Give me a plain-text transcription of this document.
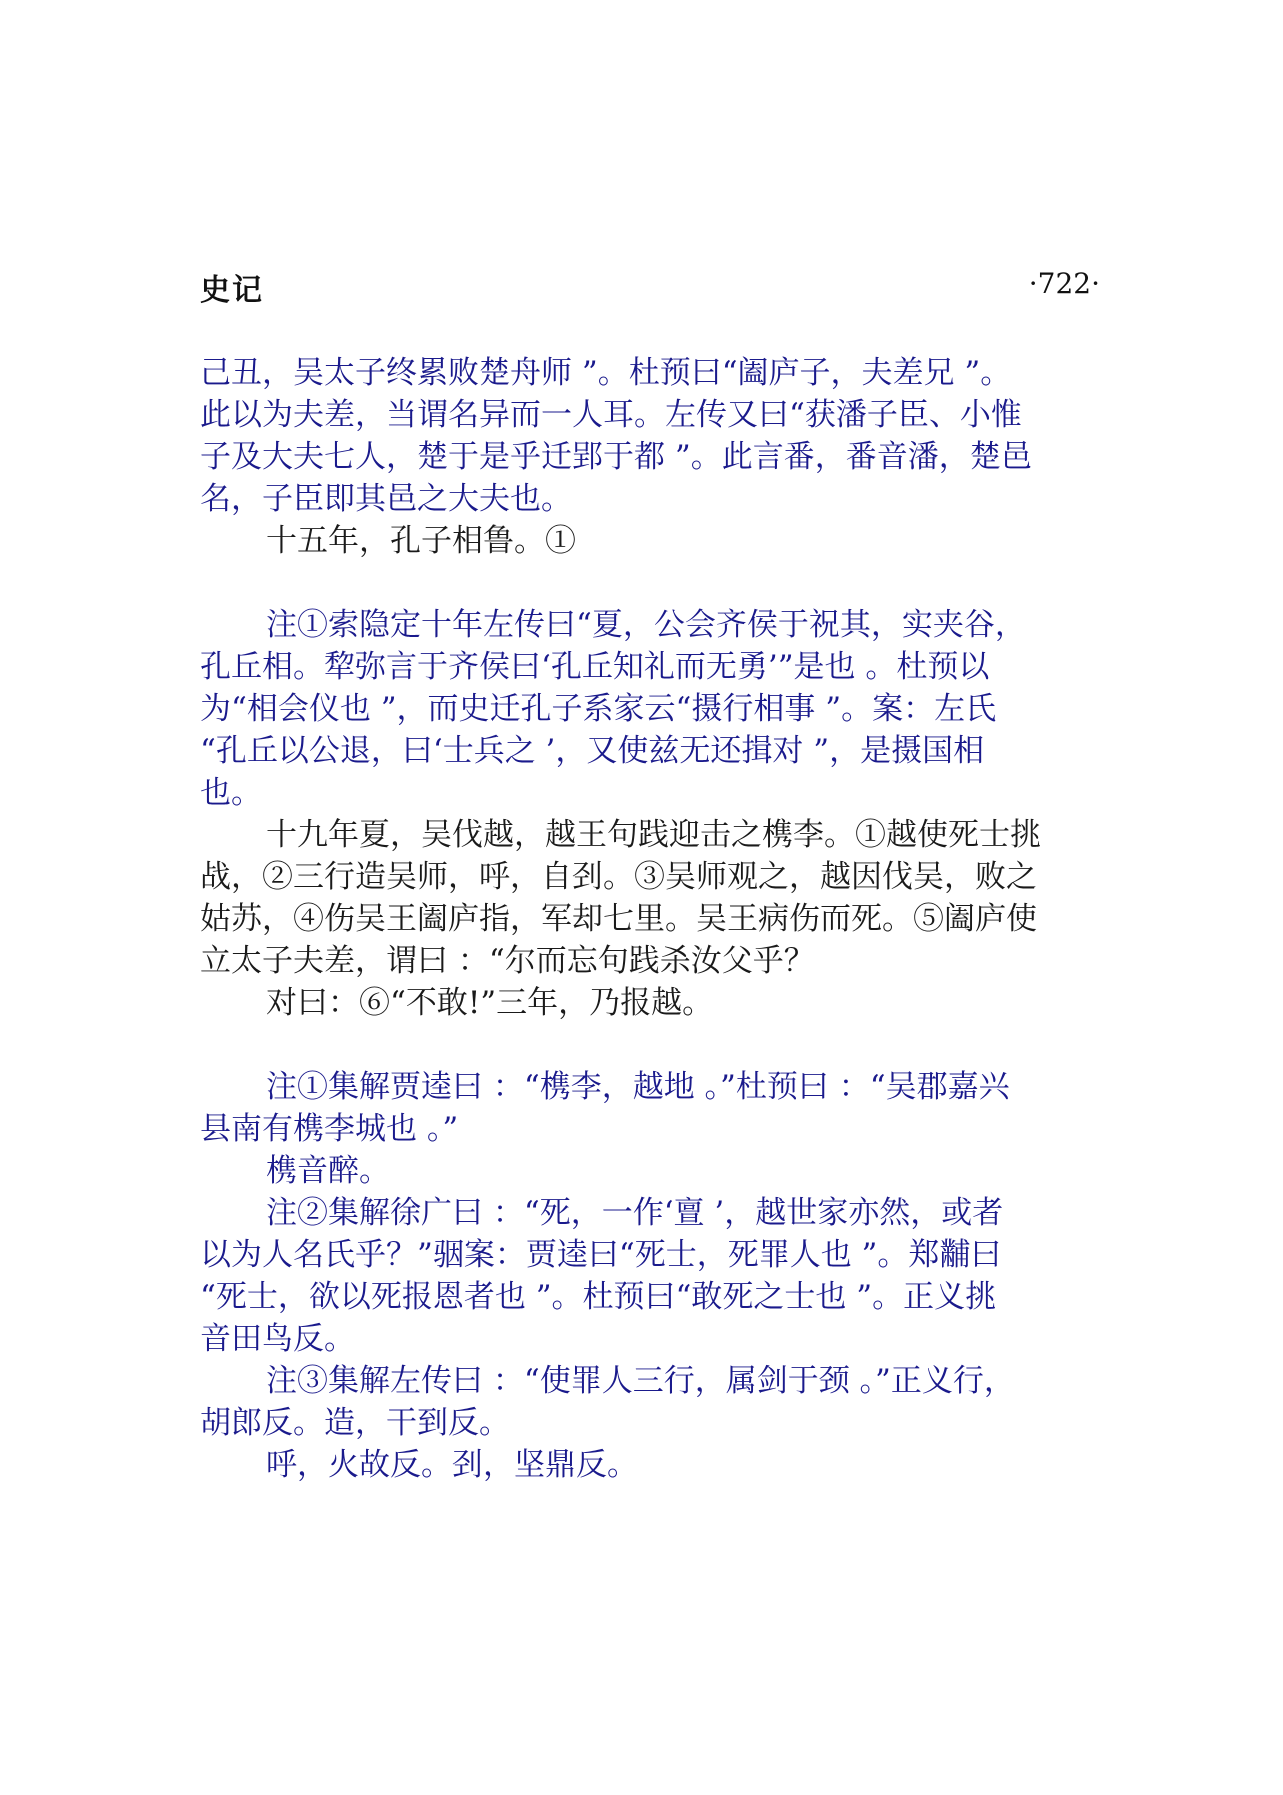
史记	·722·
己丑，吴太子终累败楚舟师 ”。杜预曰“阖庐子，夫差兄 ”。
此以为夫差，当谓名异而一人耳。左传又曰“获潘子臣、小惟
子及大夫七人，楚于是乎迁郢于都 ”。此言番，番音潘，楚邑
名，子臣即其邑之大夫也。
十五年，孔子相鲁。①
注①索隐定十年左传曰“夏，公会齐侯于祝其，实夹谷，
孔丘相。犂弥言于齐侯曰‘孔丘知礼而无勇’”是也 。杜预以
为“相会仪也 ”，而史迁孔子系家云“摄行相事 ”。案：左氏
“孔丘以公退，曰‘士兵之 ’，又使兹无还揖对 ”，是摄国相
也。
十九年夏，吴伐越，越王句践迎击之槜李。①越使死士挑
战，②三行造吴师，呼，自刭。③吴师观之，越因伐吴，败之
姑苏，④伤吴王阖庐指，军却七里。吴王病伤而死。⑤阖庐使
立太子夫差，谓曰 ：“尔而忘句践杀汝父乎？
对曰：⑥“不敢!”三年，乃报越。
注①集解贾逵曰 ：“槜李，越地 。”杜预曰 ：“吴郡嘉兴
县南有槜李城也 。”
槜音醉。
注②集解徐广曰 ：“死，一作‘亶 ’，越世家亦然，或者
以为人名氏乎？”骃案：贾逵曰“死士，死罪人也 ”。郑黼曰
“死士，欲以死报恩者也 ”。杜预曰“敢死之士也 ”。正义挑
音田鸟反。
注③集解左传曰 ：“使罪人三行，属剑于颈 。”正义行，
胡郎反。造，干到反。
呼，火故反。刭，坚鼎反。
